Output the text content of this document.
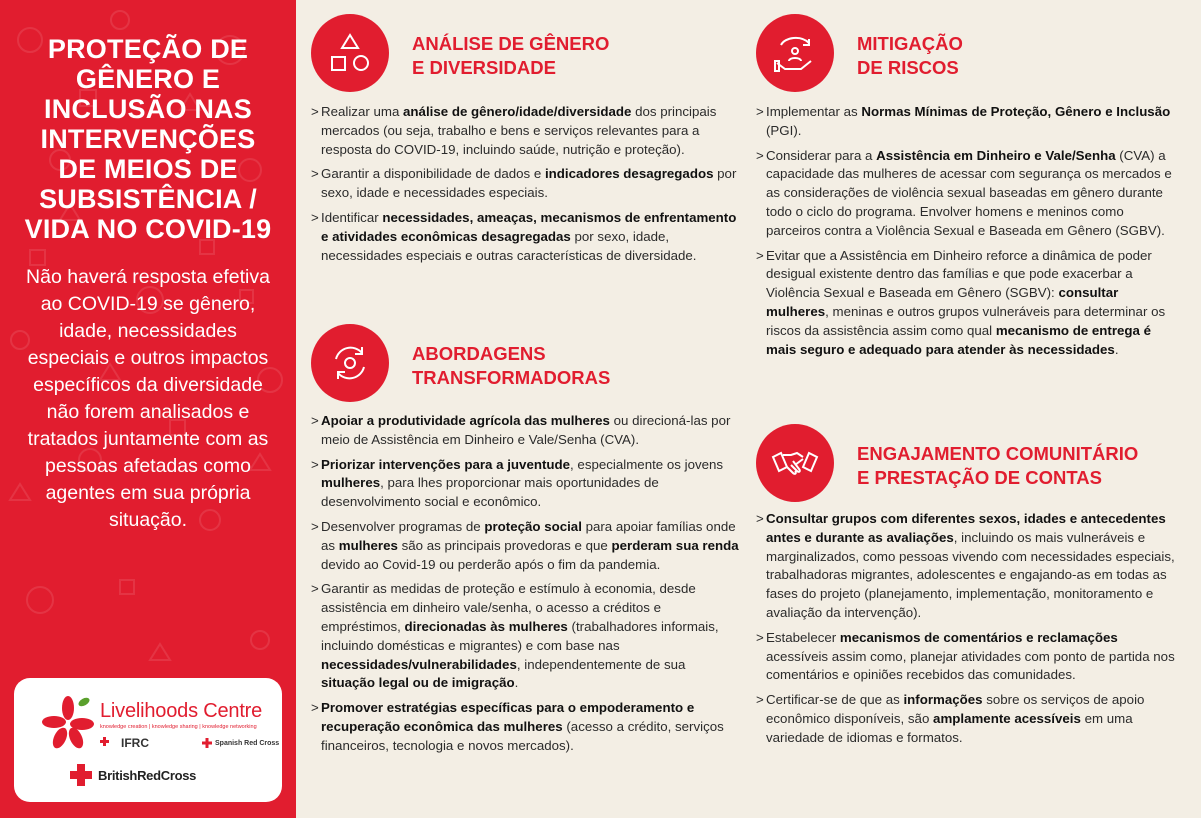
PROTEÇÃO DE GÊNERO E INCLUSÃO NAS INTERVENÇÕES DE MEIOS DE SUBSISTÊNCIA / VIDA NO COVID-19
Não haverá resposta efetiva ao COVID-19 se gênero, idade, necessidades especiais e outros impactos específicos da diversidade não forem analisados e tratados juntamente com as pessoas afetadas como agentes em sua própria situação.
Livelihoods Centre
knowledge creation | knowledge sharing | knowledge networking
IFRC	Spanish Red Cross
BritishRedCross
ANÁLISE DE GÊNERO
E DIVERSIDADE
> Realizar uma análise de gênero/idade/diversidade dos principais mercados (ou seja, trabalho e bens e serviços relevantes para a resposta do COVID-19, incluindo saúde, nutrição e proteção).
> Garantir a disponibilidade de dados e indicadores desagregados por sexo, idade e necessidades especiais.
> Identificar necessidades, ameaças, mecanismos de enfrentamento e atividades econômicas desagregadas por sexo, idade, necessidades especiais e outras características de diversidade.
ABORDAGENS
TRANSFORMADORAS
> Apoiar a produtividade agrícola das mulheres ou direcioná-las por meio de Assistência em Dinheiro e Vale/Senha (CVA).
> Priorizar intervenções para a juventude, especialmente os jovens mulheres, para lhes proporcionar mais oportunidades de desenvolvimento social e econômico.
> Desenvolver programas de proteção social para apoiar famílias onde as mulheres são as principais provedoras e que perderam sua renda devido ao Covid-19 ou perderão após o fim da pandemia.
> Garantir as medidas de proteção e estímulo à economia, desde assistência em dinheiro vale/senha, o acesso a créditos e empréstimos, direcionadas às mulheres (trabalhadores informais, incluindo domésticas e migrantes) e com base nas necessidades/vulnerabilidades, independentemente de sua situação legal ou de imigração.
> Promover estratégias específicas para o empoderamento e recuperação econômica das mulheres (acesso a crédito, serviços financeiros, tecnologia e novos mercados).
MITIGAÇÃO
DE RISCOS
> Implementar as Normas Mínimas de Proteção, Gênero e Inclusão (PGI).
> Considerar para a Assistência em Dinheiro e Vale/Senha (CVA) a capacidade das mulheres de acessar com segurança os mercados e as considerações de violência sexual baseadas em gênero durante todo o ciclo do programa. Envolver homens e meninos como parceiros contra a Violência Sexual e Baseada em Gênero (SGBV).
> Evitar que a Assistência em Dinheiro reforce a dinâmica de poder desigual existente dentro das famílias e que pode exacerbar a Violência Sexual e Baseada em Gênero (SGBV): consultar mulheres, meninas e outros grupos vulneráveis para determinar os riscos da assistência assim como qual mecanismo de entrega é mais seguro e adequado para atender às necessidades.
ENGAJAMENTO COMUNITÁRIO
E PRESTAÇÃO DE CONTAS
> Consultar grupos com diferentes sexos, idades e antecedentes antes e durante as avaliações, incluindo os mais vulneráveis e marginalizados, como pessoas vivendo com necessidades especiais, trabalhadoras migrantes, adolescentes e engajando-as em todas as fases do projeto (planejamento, implementação, monitoramento e avaliação da intervenção).
> Estabelecer mecanismos de comentários e reclamações acessíveis assim como, planejar atividades com ponto de partida nos comentários e opiniões recebidos das comunidades.
> Certificar-se de que as informações sobre os serviços de apoio econômico disponíveis, são amplamente acessíveis em uma variedade de idiomas e formatos.
